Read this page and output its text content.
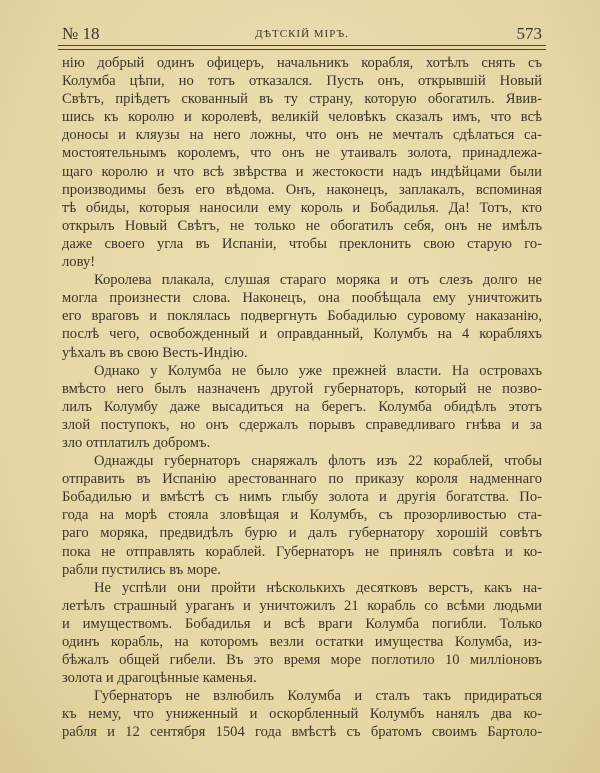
№ 18	ДѢТСКІЙ МІРЪ.	573
нію добрый одинъ офицеръ, начальникъ корабля, хотѣлъ снять съ
Колумба цѣпи, но тотъ отказался. Пусть онъ, открывшій Новый
Свѣтъ, пріѣдетъ скованный въ ту страну, которую обогатилъ. Явив-
шись къ королю и королевѣ, великій человѣкъ сказалъ имъ, что всѣ
доносы и кляузы на него ложны, что онъ не мечталъ сдѣлаться са-
мостоятельнымъ королемъ, что онъ не утаивалъ золота, принадлежа-
щаго королю и что всѣ звѣрства и жестокости надъ индѣйцами были
производимы безъ его вѣдома. Онъ, наконецъ, заплакалъ, вспоминая
тѣ обиды, которыя наносили ему король и Бобадилья. Да! Тотъ, кто
открылъ Новый Свѣтъ, не только не обогатилъ себя, онъ не имѣлъ
даже своего угла въ Испаніи, чтобы преклонить свою старую го-
лову!
Королева плакала, слушая стараго моряка и отъ слезъ долго не
могла произнести слова. Наконецъ, она пообѣщала ему уничтожить
его враговъ и поклялась подвергнуть Бобадилью суровому наказанію,
послѣ чего, освобожденный и оправданный, Колумбъ на 4 корабляхъ
уѣхалъ въ свою Весть-Индію.
Однако у Колумба не было уже прежней власти. На островахъ
вмѣсто него былъ назначенъ другой губернаторъ, который не позво-
лилъ Колумбу даже высадиться на берегъ. Колумба обидѣлъ этотъ
злой поступокъ, но онъ сдержалъ порывъ справедливаго гнѣва и за
зло отплатилъ добромъ.
Однажды губернаторъ снаряжалъ флотъ изъ 22 кораблей, чтобы
отправить въ Испанію арестованнаго по приказу короля надменнаго
Бобадилью и вмѣстѣ съ нимъ глыбу золота и другія богатства. По-
года на морѣ стояла зловѣщая и Колумбъ, съ прозорливостью ста-
раго моряка, предвидѣлъ бурю и далъ губернатору хорошій совѣтъ
пока не отправлять кораблей. Губернаторъ не принялъ совѣта и ко-
рабли пустились въ море.
Не успѣли они пройти нѣсколькихъ десятковъ верстъ, какъ на-
летѣлъ страшный ураганъ и уничтожилъ 21 корабль со всѣми людьми
и имуществомъ. Бобадилья и всѣ враги Колумба погибли. Только
одинъ корабль, на которомъ везли остатки имущества Колумба, из-
бѣжалъ общей гибели. Въ это время море поглотило 10 милліоновъ
золота и драгоцѣнные каменья.
Губернаторъ не взлюбилъ Колумба и сталъ такъ придираться
къ нему, что униженный и оскорбленный Колумбъ нанялъ два ко-
рабля и 12 сентября 1504 года вмѣстѣ съ братомъ своимъ Бартоло-
